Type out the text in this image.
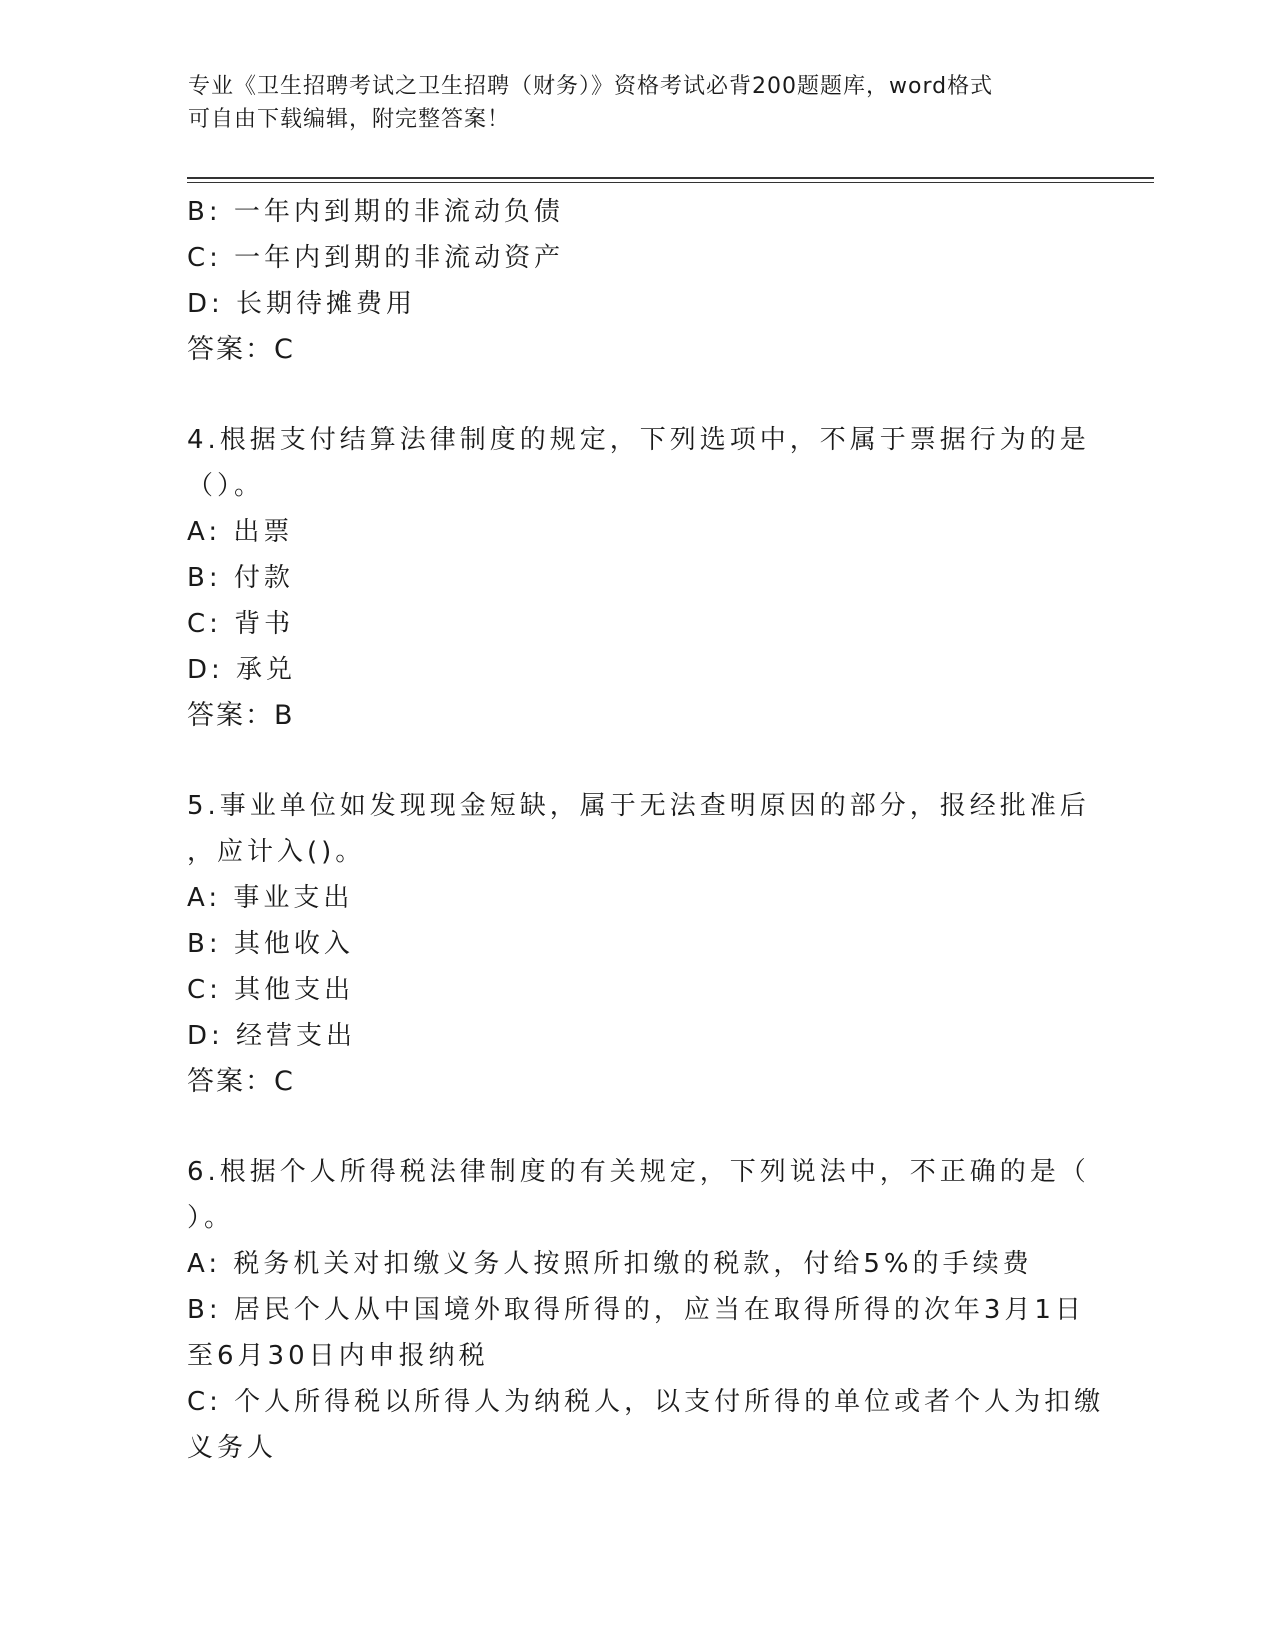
专业《卫生招聘考试之卫生招聘（财务）》资格考试必背200题题库，word格式
可自由下载编辑，附完整答案！
B: 一年内到期的非流动负债
C: 一年内到期的非流动资产
D: 长期待摊费用
答案：C
4.根据支付结算法律制度的规定，下列选项中，不属于票据行为的是
（）。
A: 出票
B: 付款
C: 背书
D: 承兑
答案：B
5.事业单位如发现现金短缺，属于无法查明原因的部分，报经批准后
，应计入()。
A: 事业支出
B: 其他收入
C: 其他支出
D: 经营支出
答案：C
6.根据个人所得税法律制度的有关规定，下列说法中，不正确的是（
）。
A: 税务机关对扣缴义务人按照所扣缴的税款，付给5%的手续费
B: 居民个人从中国境外取得所得的，应当在取得所得的次年3月1日
至6月30日内申报纳税
C: 个人所得税以所得人为纳税人，以支付所得的单位或者个人为扣缴
义务人
